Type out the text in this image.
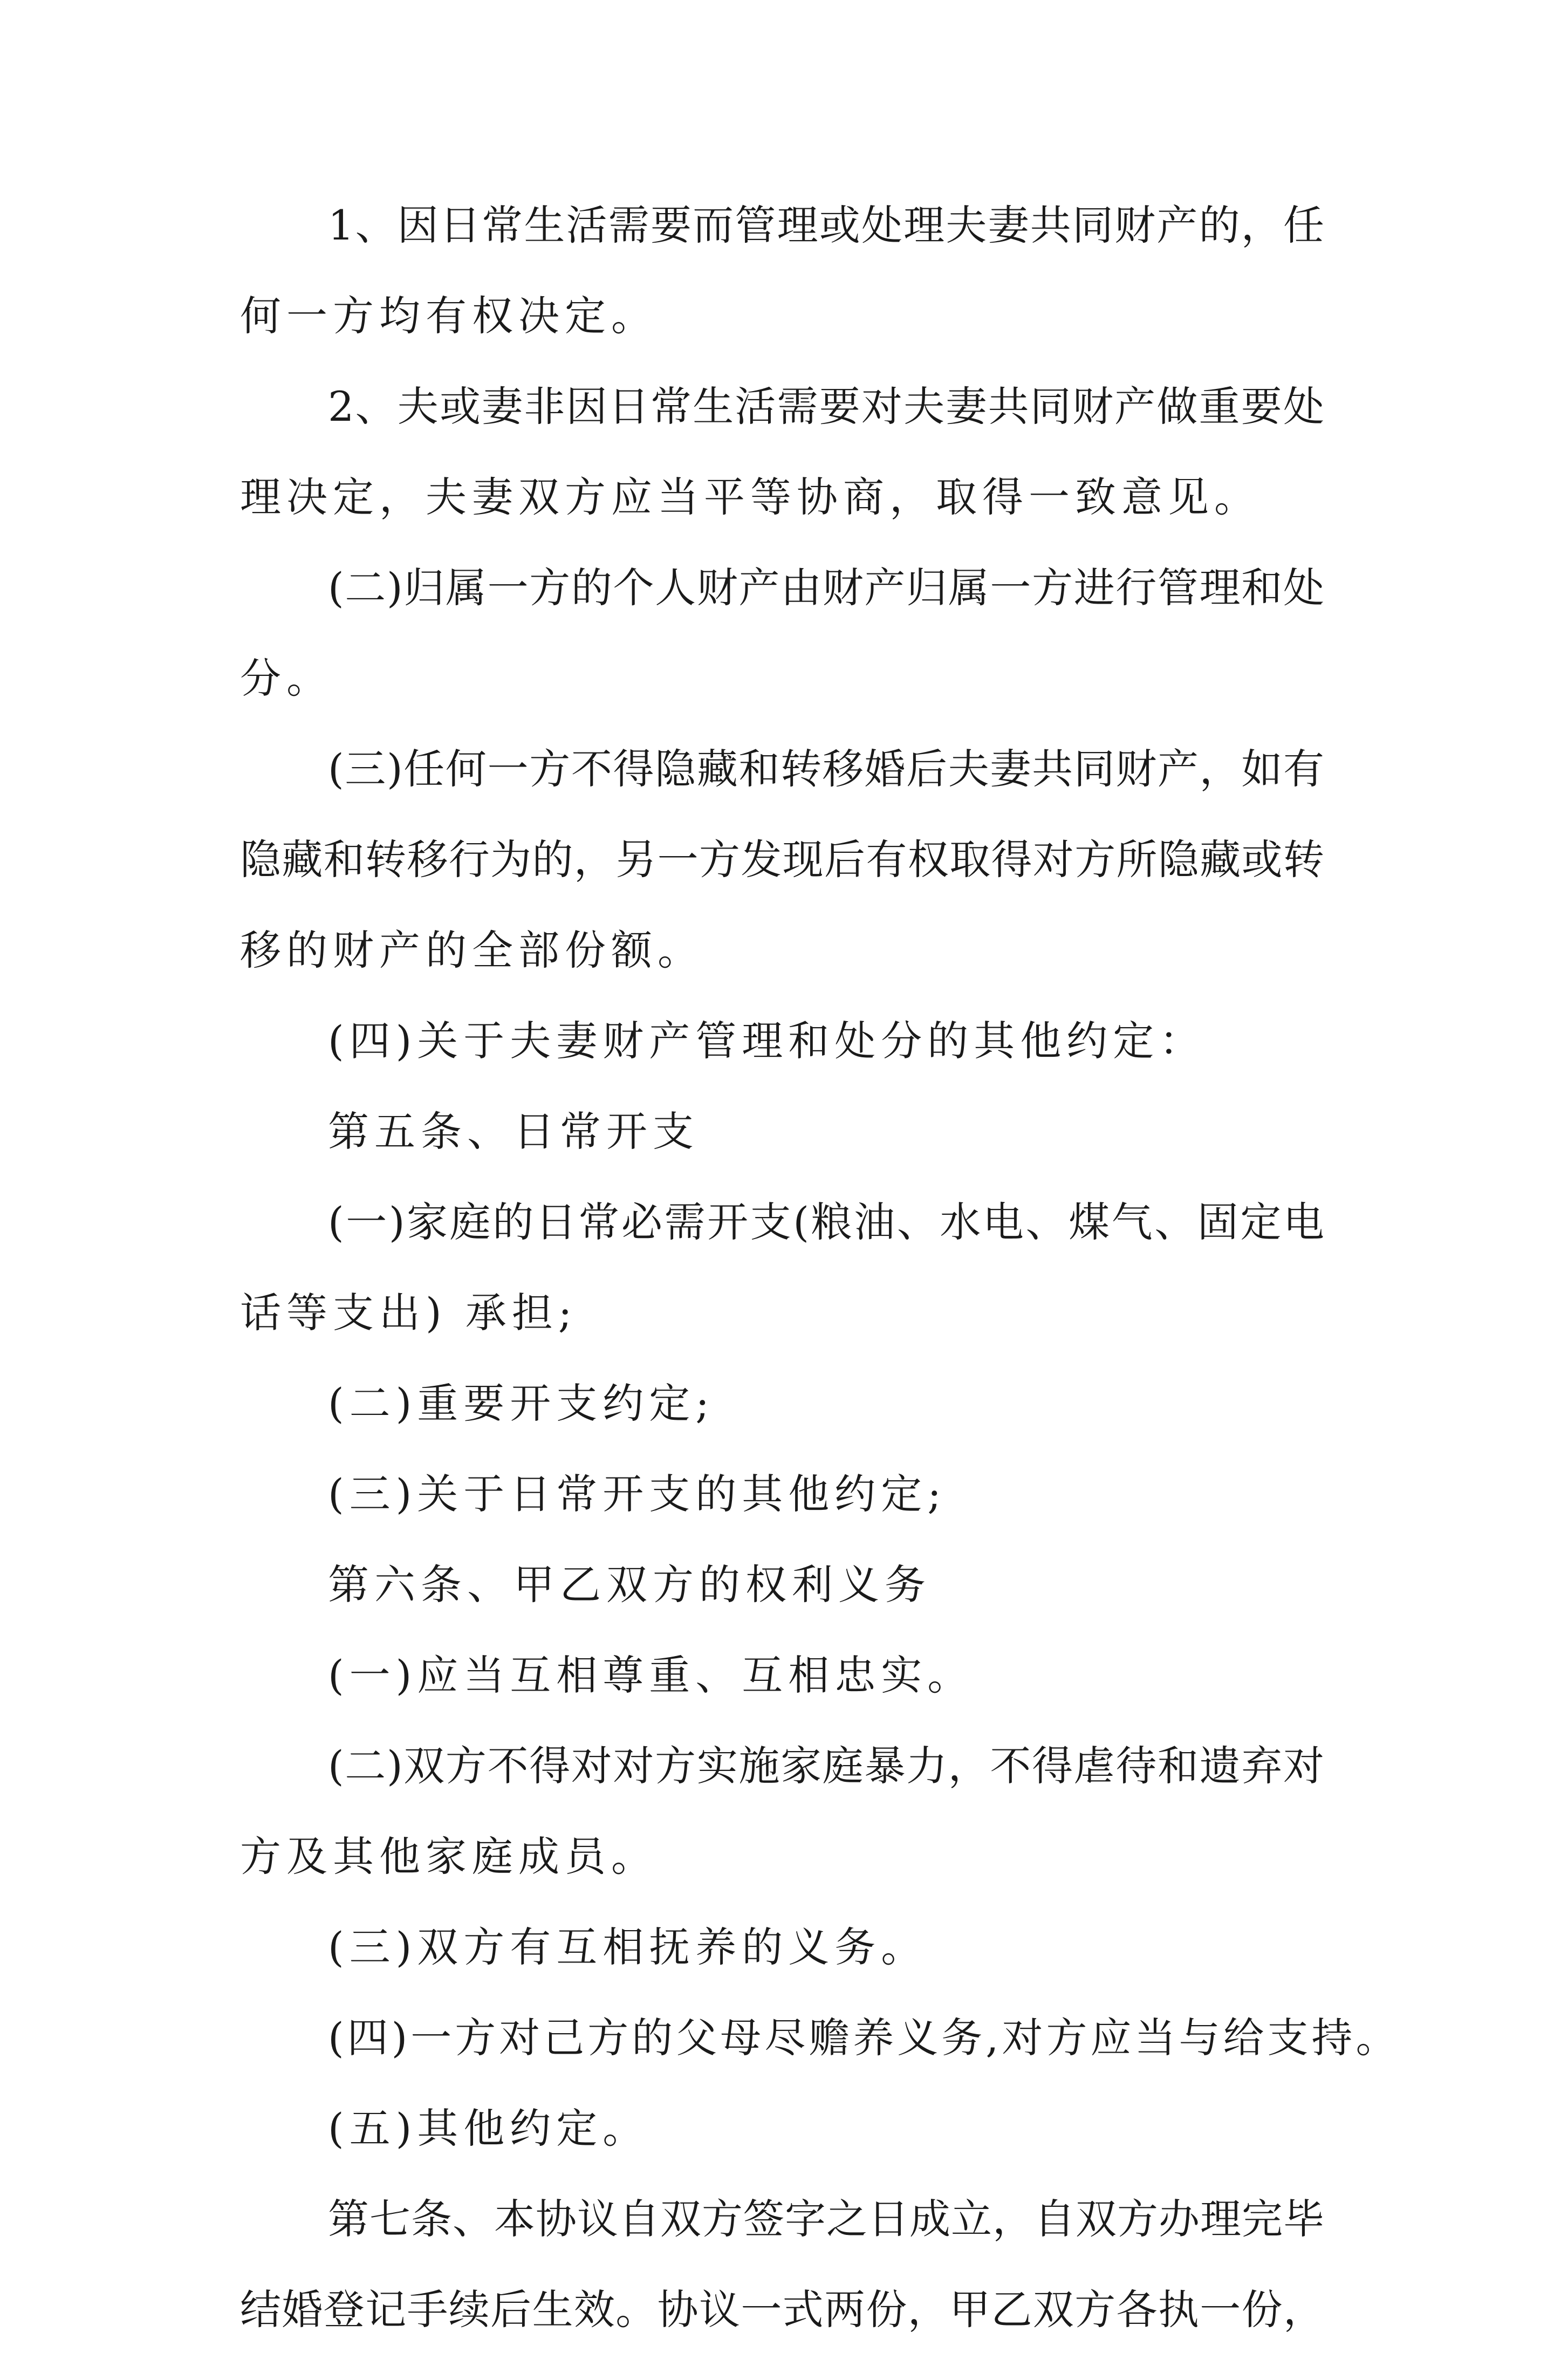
1、因日常生活需要而管理或处理夫妻共同财产的，任
何一方均有权决定。
2、夫或妻非因日常生活需要对夫妻共同财产做重要处
理决定，夫妻双方应当平等协商，取得一致意见。
(二)归属一方的个人财产由财产归属一方进行管理和处
分。
(三)任何一方不得隐藏和转移婚后夫妻共同财产，如有
隐藏和转移行为的，另一方发现后有权取得对方所隐藏或转
移的财产的全部份额。
(四)关于夫妻财产管理和处分的其他约定：
第五条、日常开支
(一)家庭的日常必需开支(粮油、水电、煤气、固定电
话等支出) 承担;
(二)重要开支约定;
(三)关于日常开支的其他约定;
第六条、甲乙双方的权利义务
(一)应当互相尊重、互相忠实。
(二)双方不得对对方实施家庭暴力，不得虐待和遗弃对
方及其他家庭成员。
(三)双方有互相抚养的义务。
(四)一方对己方的父母尽赡养义务,对方应当与给支持。
(五)其他约定。
第七条、本协议自双方签字之日成立，自双方办理完毕
结婚登记手续后生效。协议一式两份，甲乙双方各执一份，
